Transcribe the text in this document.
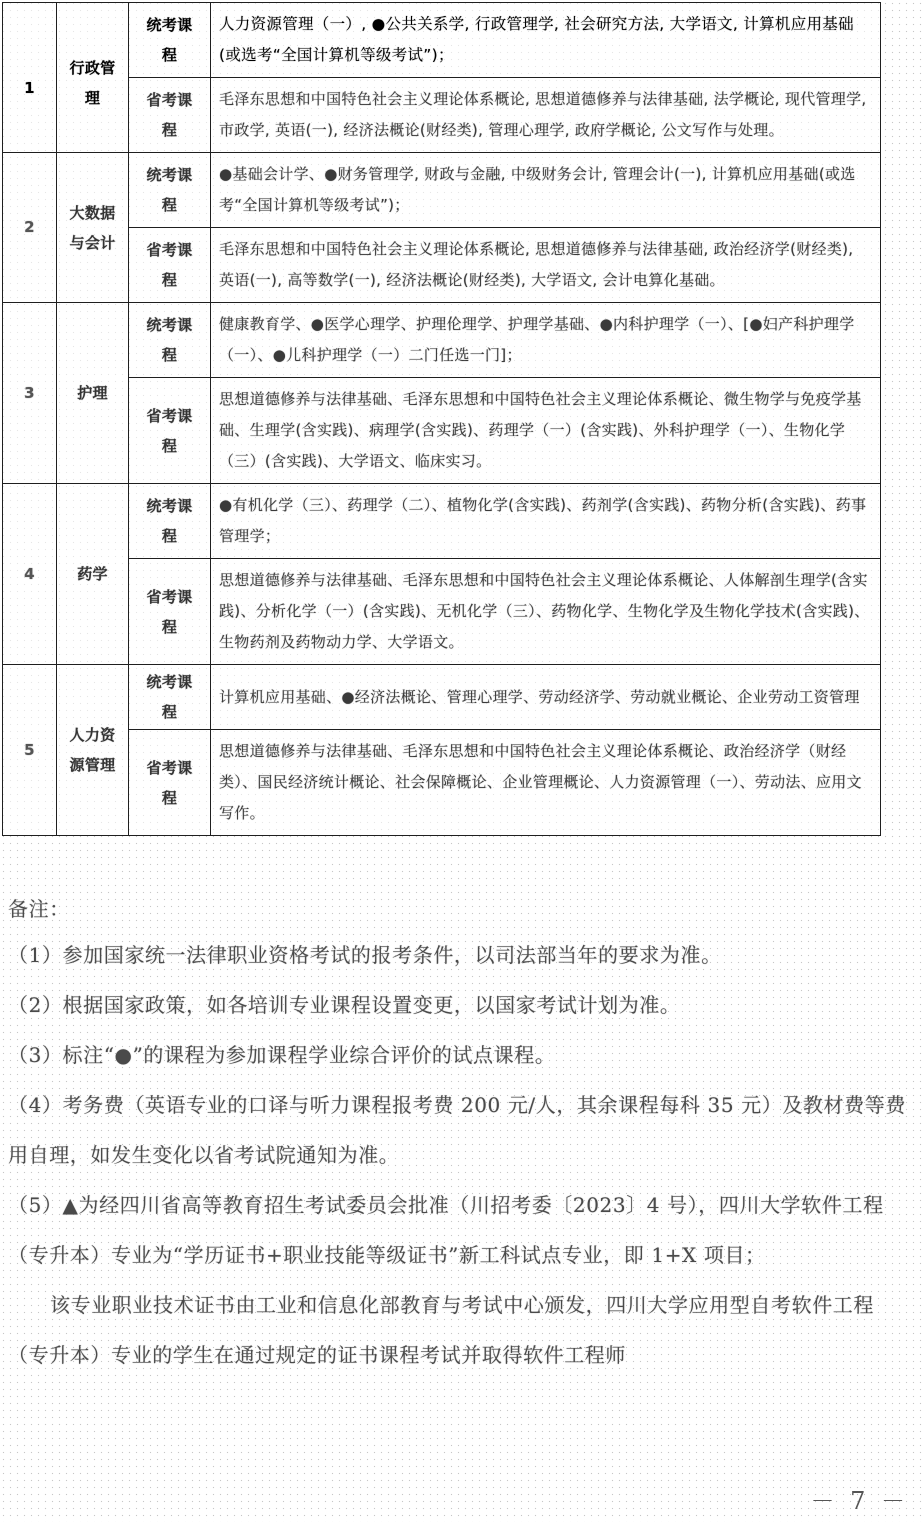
1	行政管理	统考课程	人力资源管理（一）, ●公共关系学, 行政管理学, 社会研究方法, 大学语文, 计算机应用基础(或选考“全国计算机等级考试”)；
		省考课程	毛泽东思想和中国特色社会主义理论体系概论, 思想道德修养与法律基础, 法学概论, 现代管理学, 市政学, 英语(一), 经济法概论(财经类), 管理心理学, 政府学概论, 公文写作与处理。
2	大数据与会计	统考课程	●基础会计学、●财务管理学, 财政与金融, 中级财务会计, 管理会计(一), 计算机应用基础(或选考“全国计算机等级考试”)；
		省考课程	毛泽东思想和中国特色社会主义理论体系概论, 思想道德修养与法律基础, 政治经济学(财经类), 英语(一), 高等数学(一), 经济法概论(财经类), 大学语文, 会计电算化基础。
3	护理	统考课程	健康教育学、●医学心理学、护理伦理学、护理学基础、●内科护理学（一）、[●妇产科护理学（一）、●儿科护理学（一）二门任选一门]；
		省考课程	思想道德修养与法律基础、毛泽东思想和中国特色社会主义理论体系概论、微生物学与免疫学基础、生理学(含实践)、病理学(含实践)、药理学（一）(含实践)、外科护理学（一）、生物化学（三）(含实践)、大学语文、临床实习。
4	药学	统考课程	●有机化学（三）、药理学（二）、植物化学(含实践)、药剂学(含实践)、药物分析(含实践)、药事管理学；
		省考课程	思想道德修养与法律基础、毛泽东思想和中国特色社会主义理论体系概论、人体解剖生理学(含实践)、分析化学（一）(含实践)、无机化学（三）、药物化学、生物化学及生物化学技术(含实践)、生物药剂及药物动力学、大学语文。
5	人力资源管理	统考课程	计算机应用基础、●经济法概论、管理心理学、劳动经济学、劳动就业概论、企业劳动工资管理
		省考课程	思想道德修养与法律基础、毛泽东思想和中国特色社会主义理论体系概论、政治经济学（财经类）、国民经济统计概论、社会保障概论、企业管理概论、人力资源管理（一）、劳动法、应用文写作。

备注：

（1）参加国家统一法律职业资格考试的报考条件，以司法部当年的要求为准。

（2）根据国家政策，如各培训专业课程设置变更，以国家考试计划为准。

（3）标注“●”的课程为参加课程学业综合评价的试点课程。

（4）考务费（英语专业的口译与听力课程报考费 200 元/人，其余课程每科 35 元）及教材费等费用自理，如发生变化以省考试院通知为准。

（5）▲为经四川省高等教育招生考试委员会批准（川招考委〔2023〕4 号），四川大学软件工程（专升本）专业为“学历证书+职业技能等级证书”新工科试点专业，即 1+X 项目；

该专业职业技术证书由工业和信息化部教育与考试中心颁发，四川大学应用型自考软件工程（专升本）专业的学生在通过规定的证书课程考试并取得软件工程师

－ 7 －
